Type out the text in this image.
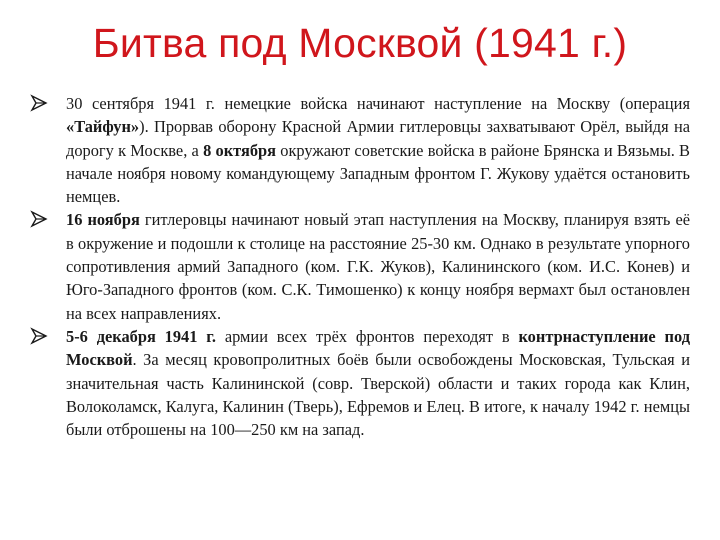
Битва под Москвой (1941 г.)
30 сентября 1941 г. немецкие войска начинают наступление на Москву (операция «Тайфун»). Прорвав оборону Красной Армии гитлеровцы захватывают Орёл, выйдя на дорогу к Москве, а 8 октября окружают советские войска в районе Брянска и Вязьмы. В начале ноября новому командующему Западным фронтом Г. Жукову удаётся остановить немцев.
16 ноября гитлеровцы начинают новый этап наступления на Москву, планируя взять её в окружение и подошли к столице на расстояние 25-30 км. Однако в результате упорного сопротивления армий Западного (ком. Г.К. Жуков), Калининского (ком. И.С. Конев) и Юго-Западного фронтов (ком. С.К. Тимошенко) к концу ноября вермахт был остановлен на всех направлениях.
5-6 декабря 1941 г. армии всех трёх фронтов переходят в контрнаступление под Москвой. За месяц кровопролитных боёв были освобождены Московская, Тульская и значительная часть Калининской (совр. Тверской) области и таких города как Клин, Волоколамск, Калуга, Калинин (Тверь), Ефремов и Елец. В итоге, к началу 1942 г. немцы были отброшены на 100—250 км на запад.
